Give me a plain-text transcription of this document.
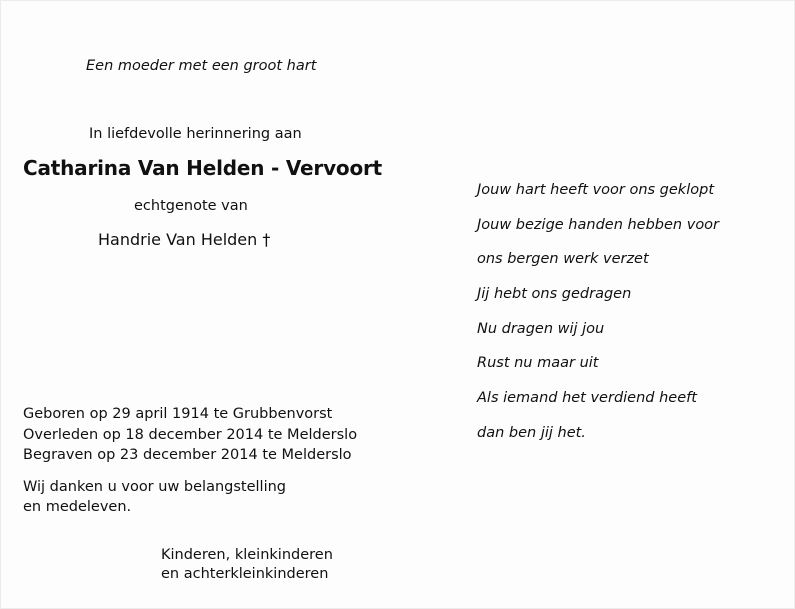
Een moeder met een groot hart
In liefdevolle herinnering aan
Catharina Van Helden - Vervoort
echtgenote van
Handrie Van Helden †
Geboren op 29 april 1914 te Grubbenvorst
Overleden op 18 december 2014 te Melderslo
Begraven op 23 december 2014 te Melderslo
Wij danken u voor uw belangstelling
en medeleven.
Kinderen, kleinkinderen
en achterkleinkinderen
Jouw hart heeft voor ons geklopt
Jouw bezige handen hebben voor
ons bergen werk verzet
Jij hebt ons gedragen
Nu dragen wij jou
Rust nu maar uit
Als iemand het verdiend heeft
dan ben jij het.
